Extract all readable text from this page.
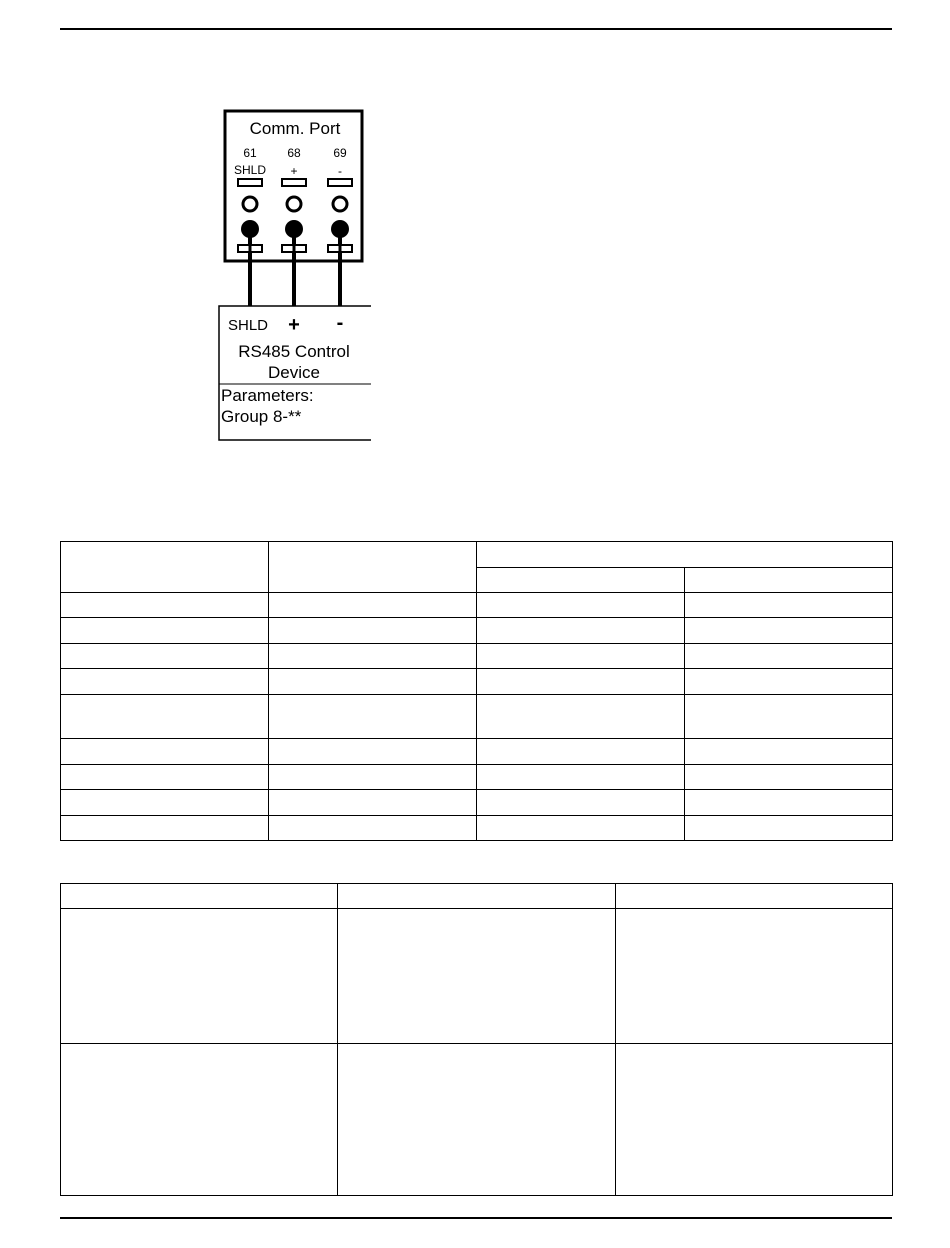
Comm. Port
61	68	69
SHLD +	-
SHLD + -
RS485 Control
Device
Parameters:
Group 8-**
